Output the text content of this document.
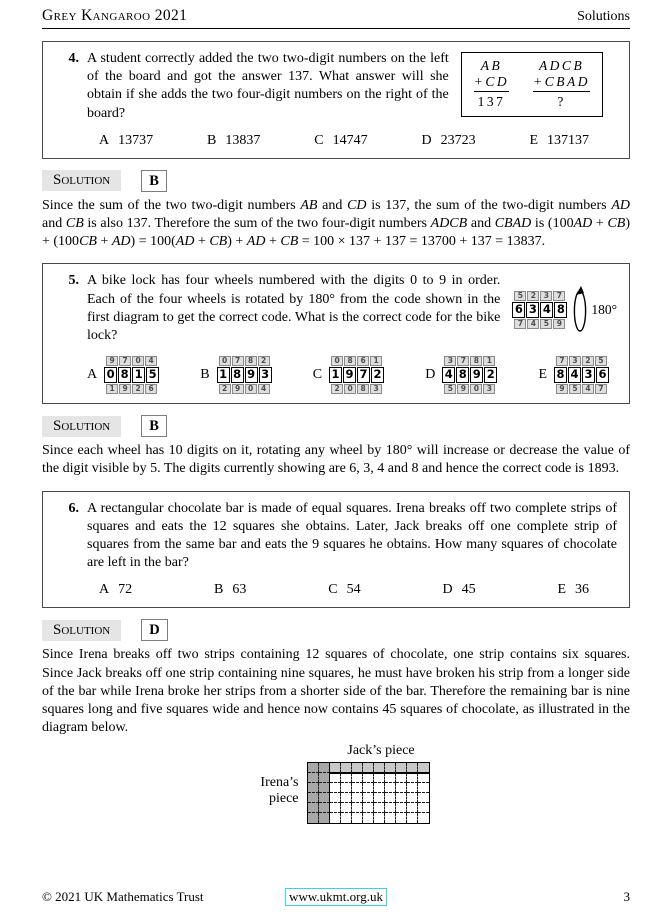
Grey Kangaroo 2021	Solutions
4. A student correctly added the two two-digit numbers on the left of the board and got the answer 137. What answer will she obtain if she adds the two four-digit numbers on the right of the board?
AB
+CD
137
ADCB
+CBAD
?
A 13737	B 13837	C 14747	D 23723	E 137137
Solution	B
Since the sum of the two two-digit numbers AB and CD is 137, the sum of the two-digit numbers AD and CB is also 137. Therefore the sum of the two four-digit numbers ADCB and CBAD is (100AD + CB) + (100CB + AD) = 100(AD + CB) + AD + CB = 100 × 137 + 137 = 13700 + 137 = 13837.
5. A bike lock has four wheels numbered with the digits 0 to 9 in order. Each of the four wheels is rotated by 180° from the code shown in the first diagram to get the correct code. What is the correct code for the bike lock?
5	2	3	7
6 3 4 8
7	4	5	9
180°
A
9	7	0	4
0 8 1 5
1	9	2	6
B
0	7	8	2
1 8 9 3
2	9	0	4
C
0	8	6	1
1 9 7 2
2	0	8	3
D
3	7	8	1
4 8 9 2
5	9	0	3
E
7	3	2	5
8 4 3 6
9	5	4	7
Solution	B
Since each wheel has 10 digits on it, rotating any wheel by 180° will increase or decrease the value of the digit visible by 5. The digits currently showing are 6, 3, 4 and 8 and hence the correct code is 1893.
6. A rectangular chocolate bar is made of equal squares. Irena breaks off two complete strips of squares and eats the 12 squares she obtains. Later, Jack breaks off one complete strip of squares from the same bar and eats the 9 squares he obtains. How many squares of chocolate are left in the bar?
A 72	B 63	C 54	D 45	E 36
Solution	D
Since Irena breaks off two strips containing 12 squares of chocolate, one strip contains six squares. Since Jack breaks off one strip containing nine squares, he must have broken his strip from a longer side of the bar while Irena broke her strips from a shorter side of the bar. Therefore the remaining bar is nine squares long and five squares wide and hence now contains 45 squares of chocolate, as illustrated in the diagram below.
Irena’s piece
Jack’s piece
© 2021 UK Mathematics Trust	www.ukmt.org.uk	3
